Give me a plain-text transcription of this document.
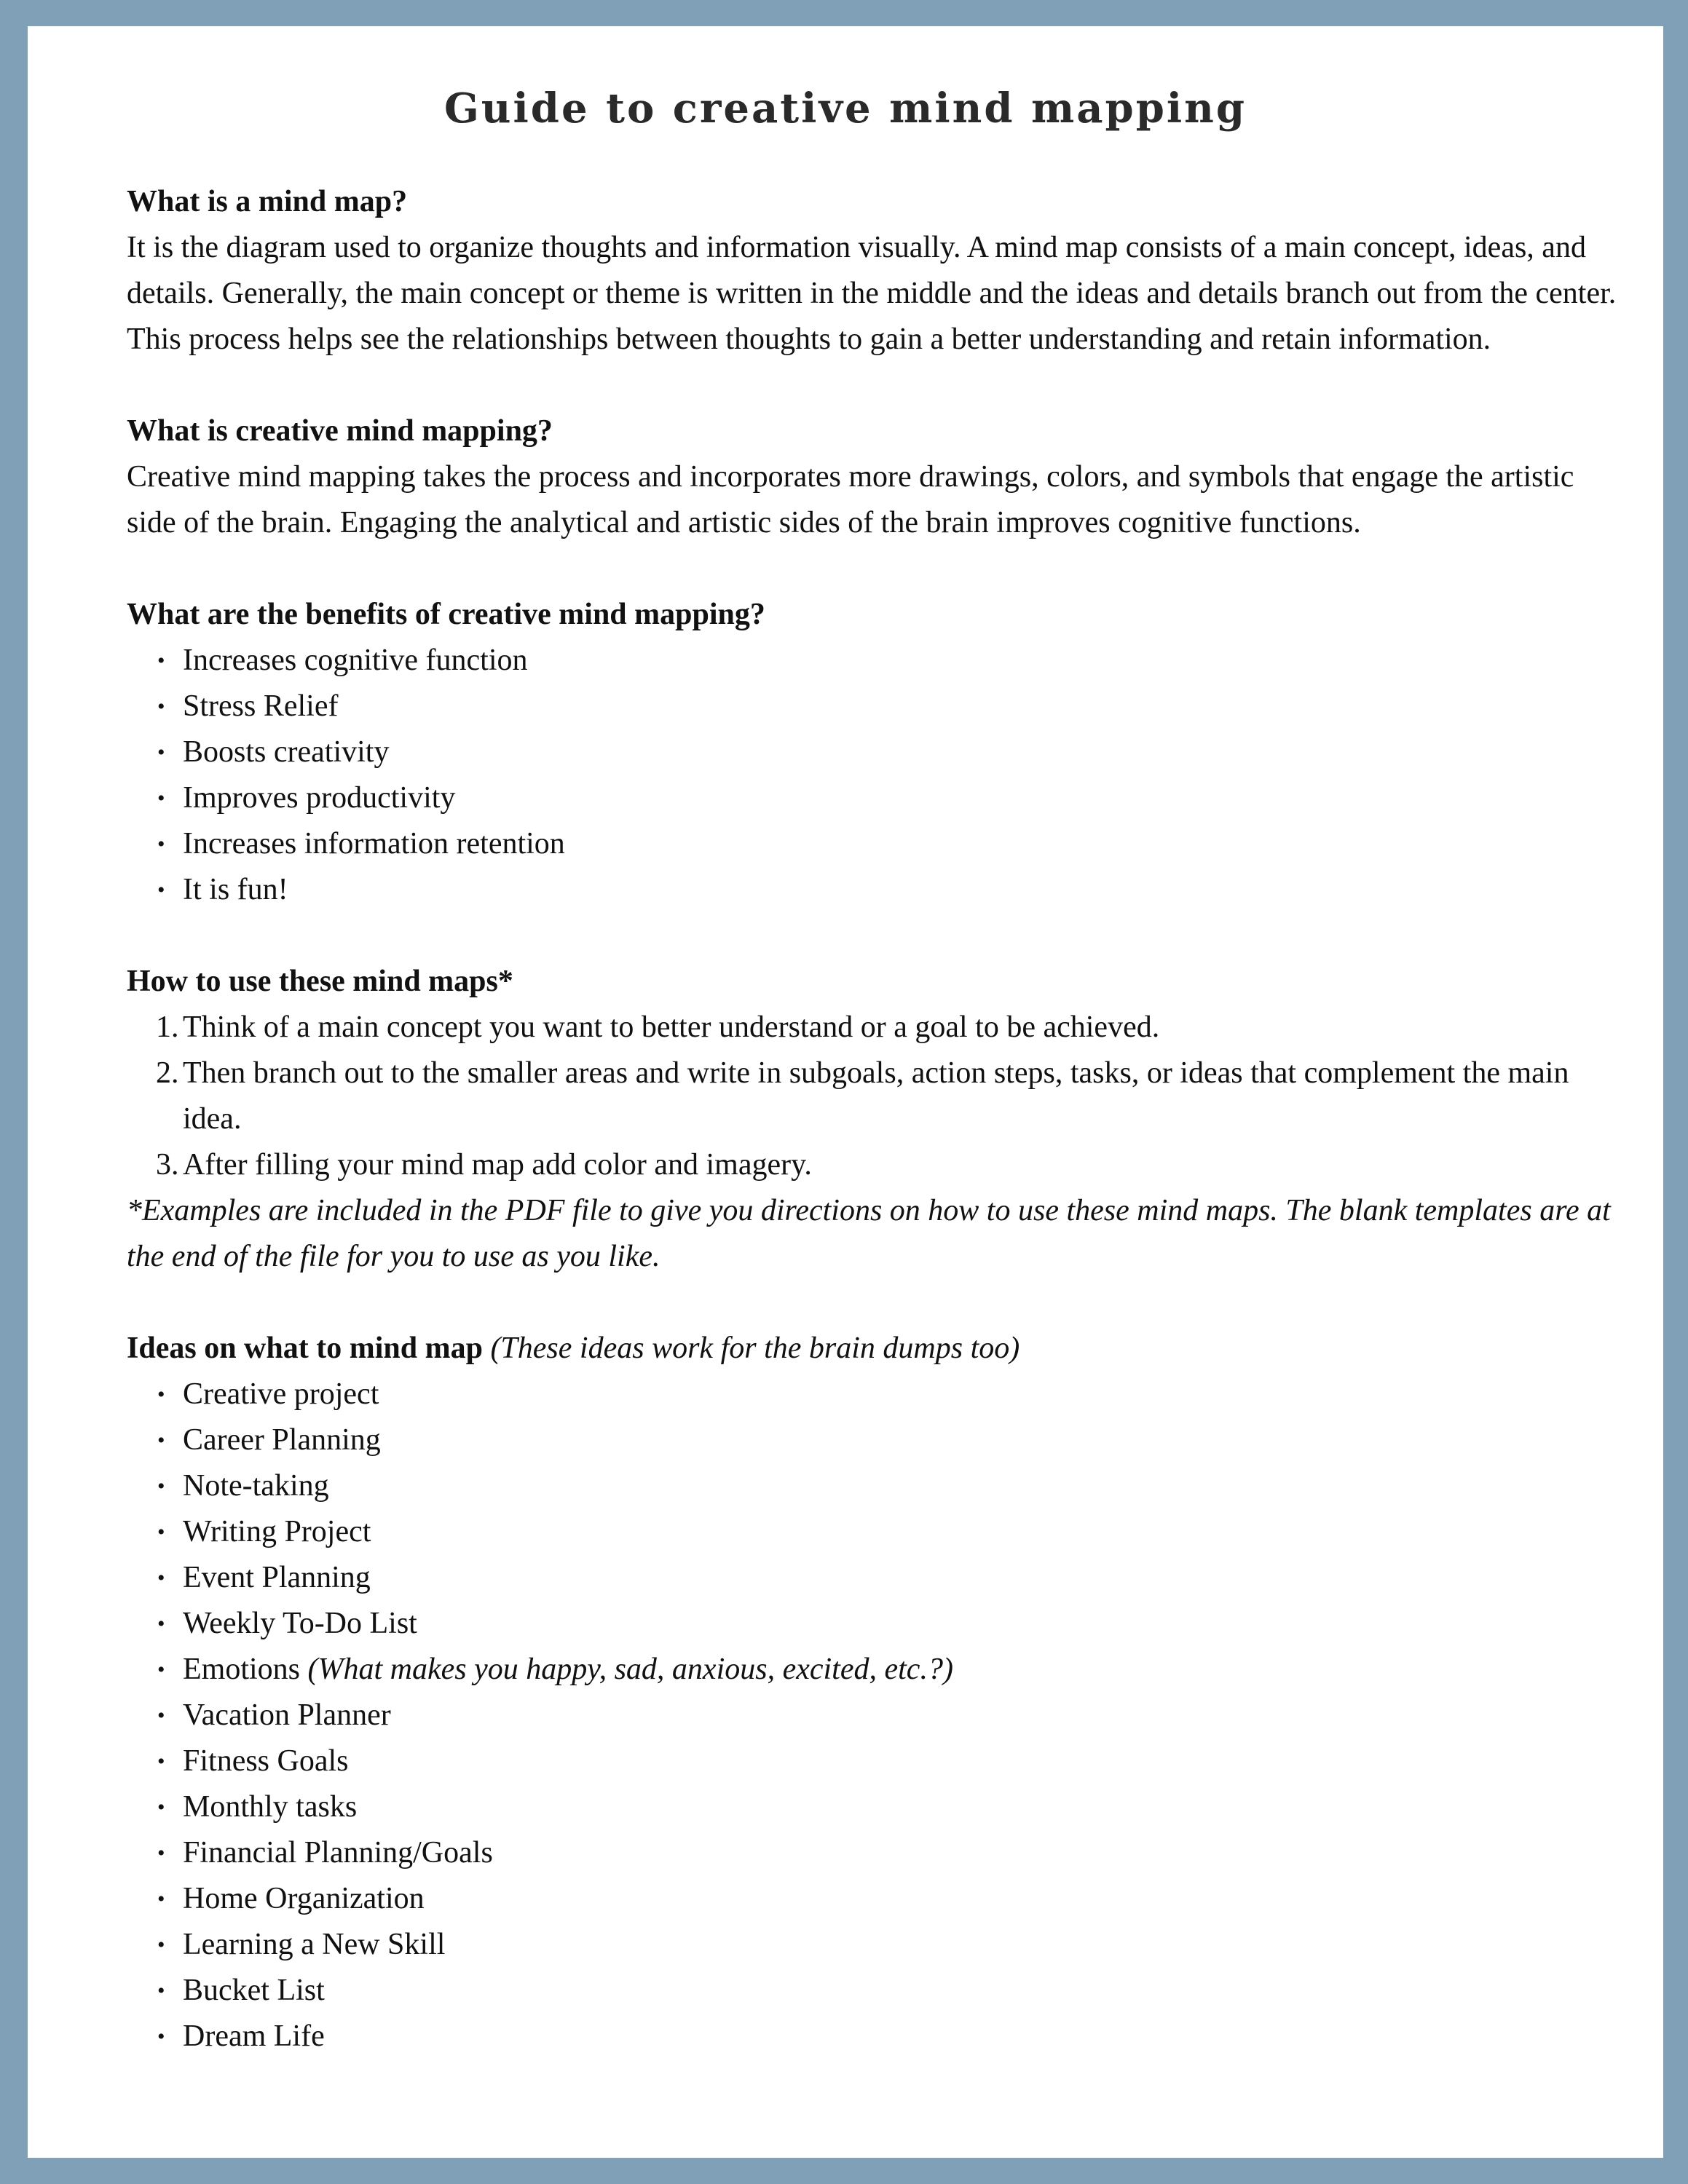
Guide to creative mind mapping

What is a mind map?

It is the diagram used to organize thoughts and information visually. A mind map consists of a main concept, ideas, and details. Generally, the main concept or theme is written in the middle and the ideas and details branch out from the center. This process helps see the relationships between thoughts to gain a better understanding and retain information.

What is creative mind mapping?

Creative mind mapping takes the process and incorporates more drawings, colors, and symbols that engage the artistic side of the brain. Engaging the analytical and artistic sides of the brain improves cognitive functions.

What are the benefits of creative mind mapping?

• Increases cognitive function
• Stress Relief
• Boosts creativity
• Improves productivity
• Increases information retention
• It is fun!

How to use these mind maps*

1. Think of a main concept you want to better understand or a goal to be achieved.
2. Then branch out to the smaller areas and write in subgoals, action steps, tasks, or ideas that complement the main idea.
3. After filling your mind map add color and imagery.

*Examples are included in the PDF file to give you directions on how to use these mind maps. The blank templates are at the end of the file for you to use as you like.

Ideas on what to mind map (These ideas work for the brain dumps too)

• Creative project
• Career Planning
• Note-taking
• Writing Project
• Event Planning
• Weekly To-Do List
• Emotions (What makes you happy, sad, anxious, excited, etc.?)
• Vacation Planner
• Fitness Goals
• Monthly tasks
• Financial Planning/Goals
• Home Organization
• Learning a New Skill
• Bucket List
• Dream Life
